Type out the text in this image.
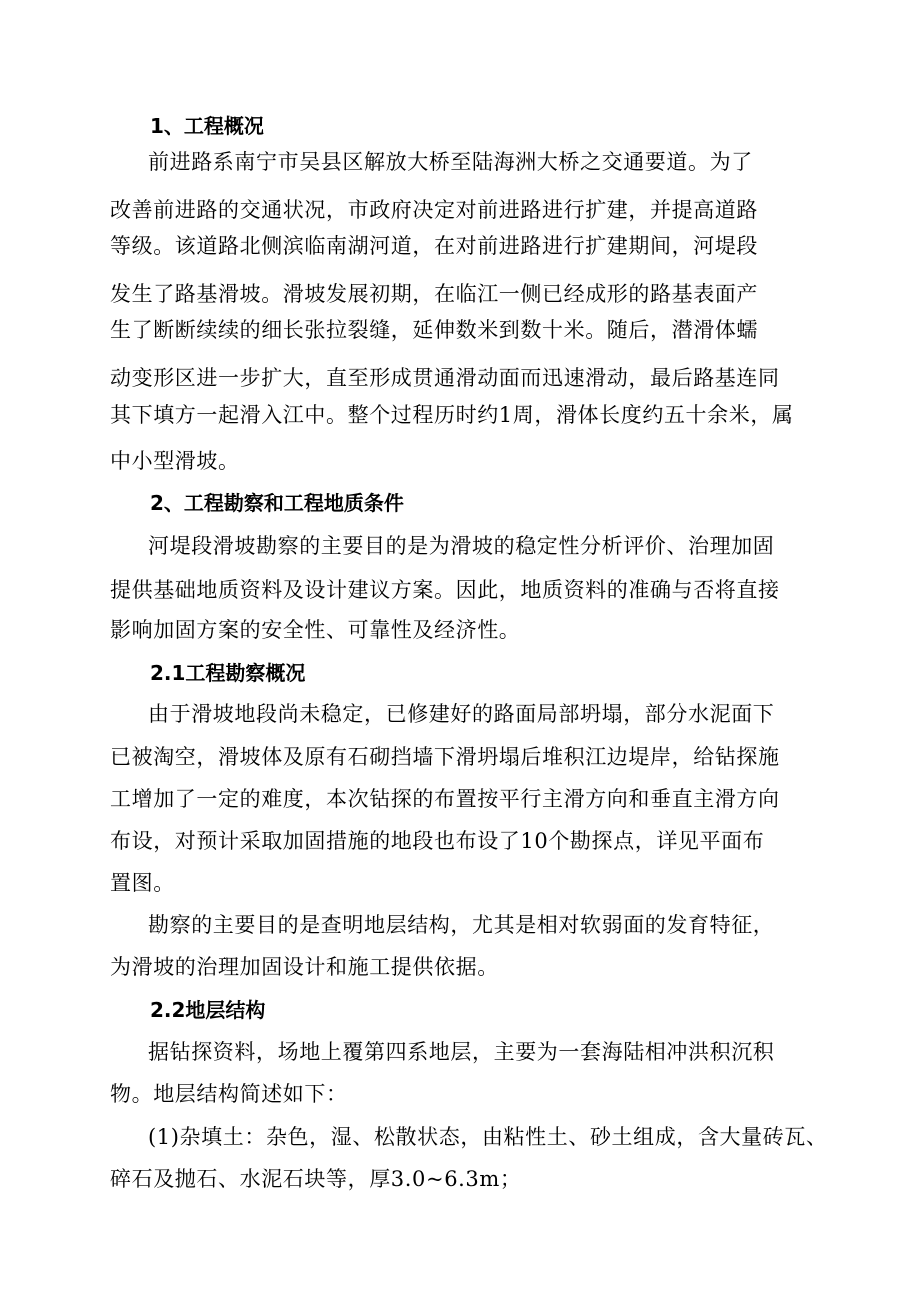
1、工程概况
前进路系南宁市吴县区解放大桥至陆海洲大桥之交通要道。为了
改善前进路的交通状况，市政府决定对前进路进行扩建，并提高道路
等级。该道路北侧滨临南湖河道，在对前进路进行扩建期间，河堤段
发生了路基滑坡。滑坡发展初期，在临江一侧已经成形的路基表面产
生了断断续续的细长张拉裂缝，延伸数米到数十米。随后，潜滑体蠕
动变形区进一步扩大，直至形成贯通滑动面而迅速滑动，最后路基连同
其下填方一起滑入江中。整个过程历时约1周，滑体长度约五十余米，属
中小型滑坡。
2、工程勘察和工程地质条件
河堤段滑坡勘察的主要目的是为滑坡的稳定性分析评价、治理加固
提供基础地质资料及设计建议方案。因此，地质资料的准确与否将直接
影响加固方案的安全性、可靠性及经济性。
2.1工程勘察概况
由于滑坡地段尚未稳定，已修建好的路面局部坍塌，部分水泥面下
已被淘空，滑坡体及原有石砌挡墙下滑坍塌后堆积江边堤岸，给钻探施
工增加了一定的难度，本次钻探的布置按平行主滑方向和垂直主滑方向
布设，对预计采取加固措施的地段也布设了10个勘探点，详见平面布
置图。
勘察的主要目的是查明地层结构，尤其是相对软弱面的发育特征，
为滑坡的治理加固设计和施工提供依据。
2.2地层结构
据钻探资料，场地上覆第四系地层，主要为一套海陆相冲洪积沉积
物。地层结构简述如下：
(1)杂填土：杂色，湿、松散状态，由粘性土、砂土组成，含大量砖瓦、
碎石及抛石、水泥石块等，厚3.0~6.3m；
